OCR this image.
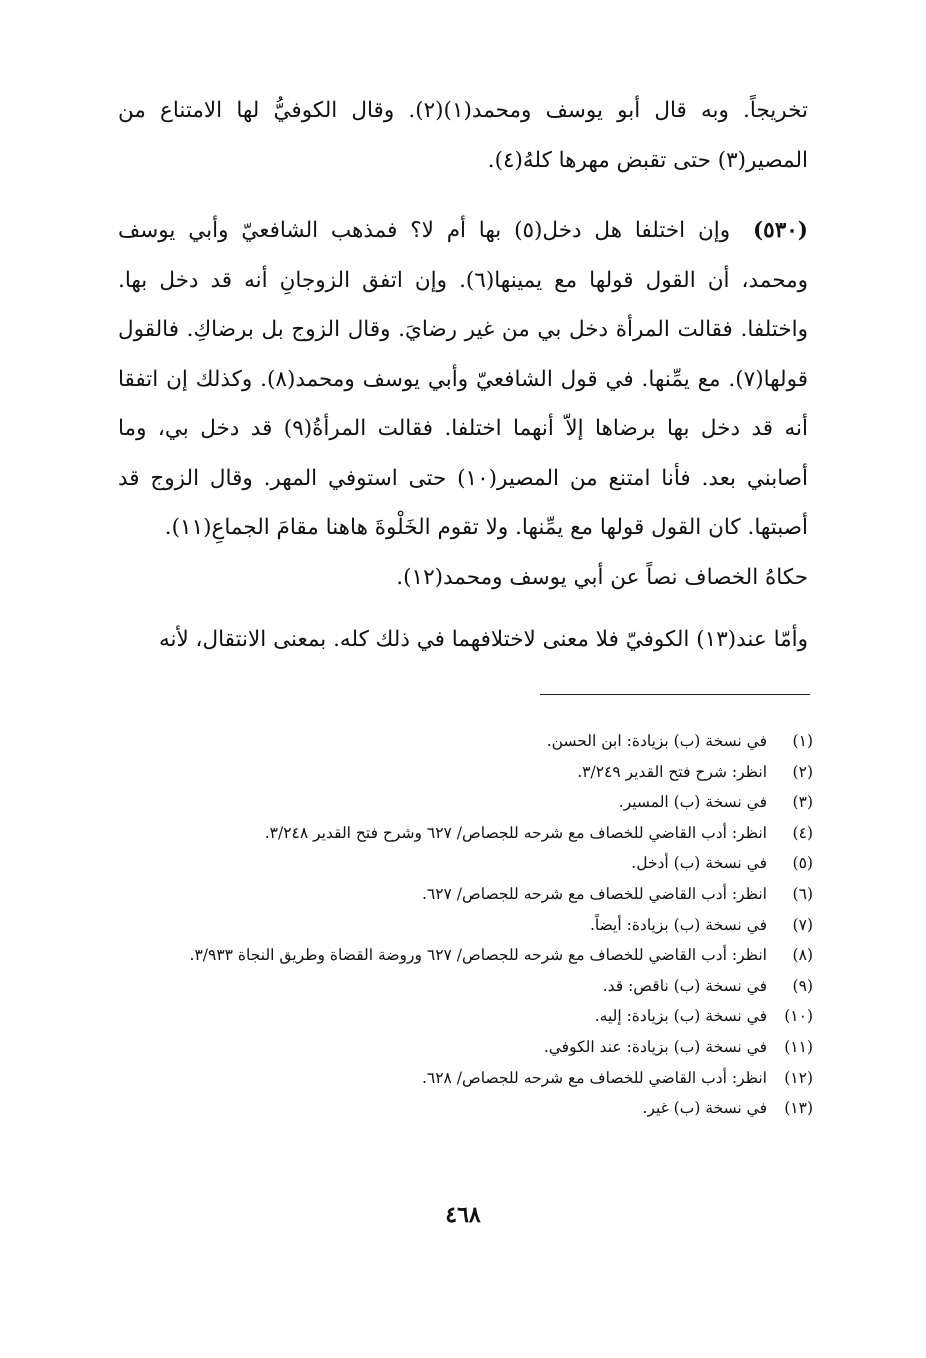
تخريجاً. وبه قال أبو يوسف ومحمد(١)(٢). وقال الكوفيُّ لها الامتناع من المصير(٣) حتى تقبض مهرها كلهُ(٤).
(٥٣٠) وإن اختلفا هل دخل(٥) بها أم لا؟ فمذهب الشافعيّ وأبي يوسف ومحمد، أن القول قولها مع يمينها(٦). وإن اتفق الزوجانِ أنه قد دخل بها. واختلفا. فقالت المرأة دخل بي من غير رضايَ. وقال الزوج بل برضاكِ. فالقول قولها(٧). مع يمِّنها. في قول الشافعيّ وأبي يوسف ومحمد(٨). وكذلك إن اتفقا أنه قد دخل بها برضاها إلاّ أنهما اختلفا. فقالت المرأةُ(٩) قد دخل بي، وما أصابني بعد. فأنا امتنع من المصير(١٠) حتى استوفي المهر. وقال الزوج قد أصبتها. كان القول قولها مع يمِّنها. ولا تقوم الخَلْوةَ هاهنا مقامَ الجماعِ(١١).
حكاهُ الخصاف نصاً عن أبي يوسف ومحمد(١٢).
وأمّا عند(١٣) الكوفيّ فلا معنى لاختلافهما في ذلك كله. بمعنى الانتقال، لأنه
(١)
في نسخة (ب) بزيادة: ابن الحسن.
(٢)
انظر: شرح فتح القدير ٣/٢٤٩.
(٣)
في نسخة (ب) المسير.
(٤)
انظر: أدب القاضي للخصاف مع شرحه للجصاص/ ٦٢٧ وشرح فتح القدير ٣/٢٤٨.
(٥)
في نسخة (ب) أدخل.
(٦)
انظر: أدب القاضي للخصاف مع شرحه للجصاص/ ٦٢٧.
(٧)
في نسخة (ب) بزيادة: أيضاً.
(٨)
انظر: أدب القاضي للخصاف مع شرحه للجصاص/ ٦٢٧ وروضة القضاة وطريق النجاة ٣/٩٣٣.
(٩)
في نسخة (ب) ناقص: قد.
(١٠)
في نسخة (ب) بزيادة: إليه.
(١١)
في نسخة (ب) بزيادة: عند الكوفي.
(١٢)
انظر: أدب القاضي للخصاف مع شرحه للجصاص/ ٦٢٨.
(١٣)
في نسخة (ب) غير.
٤٦٨
